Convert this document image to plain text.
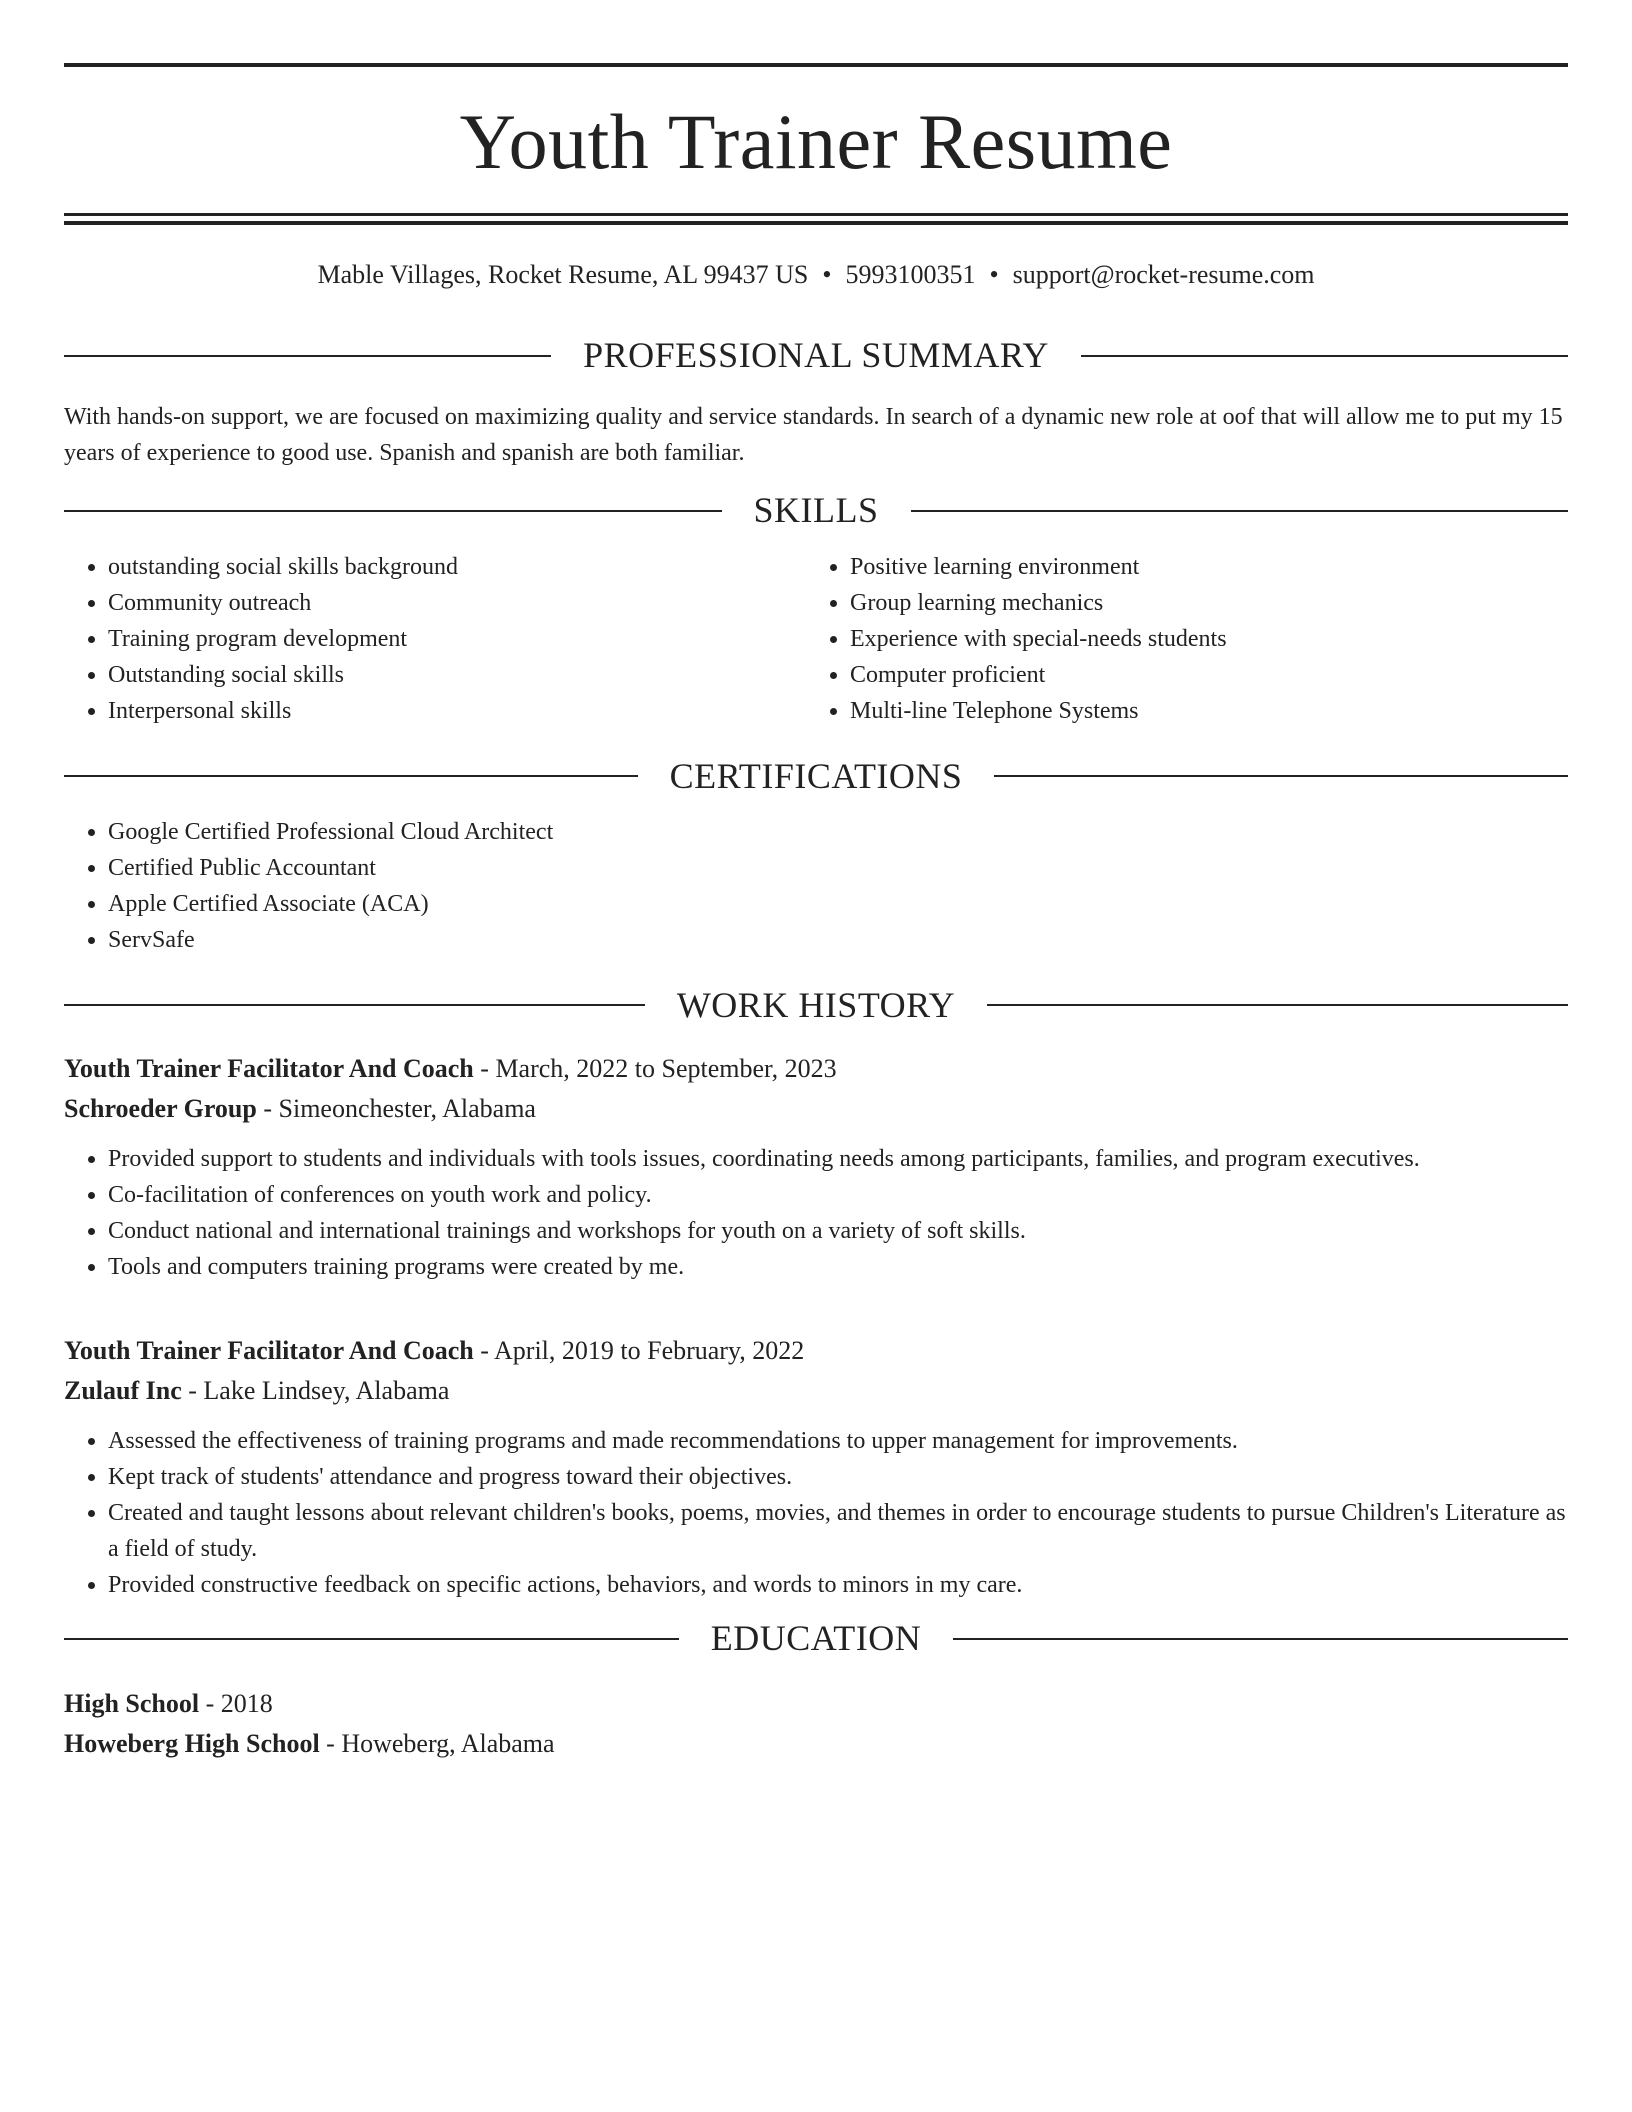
Youth Trainer Resume
Mable Villages, Rocket Resume, AL 99437 US • 5993100351 • support@rocket-resume.com
PROFESSIONAL SUMMARY

With hands-on support, we are focused on maximizing quality and service standards. In search of a dynamic new role at oof that will allow me to put my 15 years of experience to good use. Spanish and spanish are both familiar.

SKILLS
• outstanding social skills background
• Community outreach
• Training program development
• Outstanding social skills
• Interpersonal skills
• Positive learning environment
• Group learning mechanics
• Experience with special-needs students
• Computer proficient
• Multi-line Telephone Systems
CERTIFICATIONS
• Google Certified Professional Cloud Architect
• Certified Public Accountant
• Apple Certified Associate (ACA)
• ServSafe
WORK HISTORY
Youth Trainer Facilitator And Coach - March, 2022 to September, 2023
Schroeder Group - Simeonchester, Alabama
• Provided support to students and individuals with tools issues, coordinating needs among participants, families, and program executives.
• Co-facilitation of conferences on youth work and policy.
• Conduct national and international trainings and workshops for youth on a variety of soft skills.
• Tools and computers training programs were created by me.
Youth Trainer Facilitator And Coach - April, 2019 to February, 2022
Zulauf Inc - Lake Lindsey, Alabama
• Assessed the effectiveness of training programs and made recommendations to upper management for improvements.
• Kept track of students' attendance and progress toward their objectives.
• Created and taught lessons about relevant children's books, poems, movies, and themes in order to encourage students to pursue Children's Literature as a field of study.
• Provided constructive feedback on specific actions, behaviors, and words to minors in my care.
EDUCATION
High School - 2018
Howeberg High School - Howeberg, Alabama
